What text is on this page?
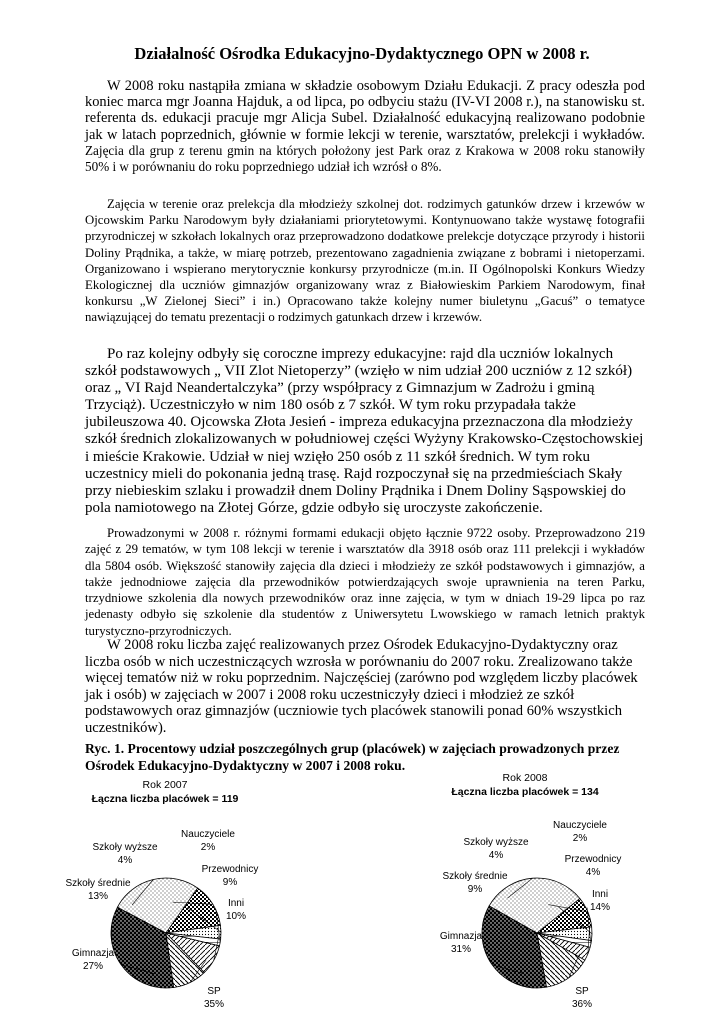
Działalność Ośrodka Edukacyjno-Dydaktycznego OPN w 2008 r.
W 2008 roku nastąpiła zmiana w składzie osobowym Działu Edukacji. Z pracy odeszła pod koniec marca mgr Joanna Hajduk, a od lipca, po odbyciu stażu (IV-VI 2008 r.), na stanowisku st. referenta ds. edukacji pracuje mgr Alicja Subel. Działalność edukacyjną realizowano podobnie jak w latach poprzednich, głównie w formie lekcji w terenie, warsztatów, prelekcji i wykładów. Zajęcia dla grup z terenu gmin na których położony jest Park oraz z Krakowa w 2008 roku stanowiły 50% i w porównaniu do roku poprzedniego udział ich wzrósł o 8%.
Zajęcia w terenie oraz prelekcja dla młodzieży szkolnej dot. rodzimych gatunków drzew i krzewów w Ojcowskim Parku Narodowym były działaniami priorytetowymi. Kontynuowano także wystawę fotografii przyrodniczej w szkołach lokalnych oraz przeprowadzono dodatkowe prelekcje dotyczące przyrody i historii Doliny Prądnika, a także, w miarę potrzeb, prezentowano zagadnienia związane z bobrami i nietoperzami. Organizowano i wspierano merytorycznie konkursy przyrodnicze (m.in. II Ogólnopolski Konkurs Wiedzy Ekologicznej dla uczniów gimnazjów organizowany wraz z Białowieskim Parkiem Narodowym, finał konkursu „W Zielonej Sieci” i in.) Opracowano także kolejny numer biuletynu „Gacuś” o tematyce nawiązującej do tematu prezentacji o rodzimych gatunkach drzew i krzewów.
Po raz kolejny odbyły się coroczne imprezy edukacyjne: rajd dla uczniów lokalnych szkół podstawowych „ VII Zlot Nietoperzy” (wzięło w nim udział 200 uczniów z 12 szkół) oraz „ VI Rajd Neandertalczyka” (przy współpracy z Gimnazjum w Zadrożu i gminą Trzyciąż). Uczestniczyło w nim 180 osób z 7 szkół. W tym roku przypadała także jubileuszowa 40. Ojcowska Złota Jesień - impreza edukacyjna przeznaczona dla młodzieży szkół średnich zlokalizowanych w południowej części Wyżyny Krakowsko-Częstochowskiej i mieście Krakowie. Udział w niej wzięło 250 osób z 11 szkół średnich. W tym roku uczestnicy mieli do pokonania jedną trasę. Rajd rozpoczynał się na przedmieściach Skały przy niebieskim szlaku i prowadził dnem Doliny Prądnika i Dnem Doliny Sąspowskiej do pola namiotowego na Złotej Górze, gdzie odbyło się uroczyste zakończenie.
Prowadzonymi w 2008 r. różnymi formami edukacji objęto łącznie 9722 osoby. Przeprowadzono 219 zajęć z 29 tematów, w tym 108 lekcji w terenie i warsztatów dla 3918 osób oraz 111 prelekcji i wykładów dla 5804 osób. Większość stanowiły zajęcia dla dzieci i młodzieży ze szkół podstawowych i gimnazjów, a także jednodniowe zajęcia dla przewodników potwierdzających swoje uprawnienia na teren Parku, trzydniowe szkolenia dla nowych przewodników oraz inne zajęcia, w tym w dniach 19-29 lipca po raz jedenasty odbyło się szkolenie dla studentów z Uniwersytetu Lwowskiego w ramach letnich praktyk turystyczno-przyrodniczych.
W 2008 roku liczba zajęć realizowanych przez Ośrodek Edukacyjno-Dydaktyczny oraz liczba osób w nich uczestniczących wzrosła w porównaniu do 2007 roku. Zrealizowano także więcej tematów niż w roku poprzednim. Najczęściej (zarówno pod względem liczby placówek jak i osób) w zajęciach w 2007 i 2008 roku uczestniczyły dzieci i młodzież ze szkół podstawowych oraz gimnazjów (uczniowie tych placówek stanowili ponad 60% wszystkich uczestników).
Ryc. 1. Procentowy udział poszczególnych grup (placówek) w zajęciach prowadzonych przez Ośrodek Edukacyjno-Dydaktyczny w 2007 i 2008 roku.
Rok 2007
Łączna liczba placówek = 119
Rok 2008
Łączna liczba placówek = 134
SP
35%
Gimnazja
27%
Szkoły średnie
13%
Szkoły wyższe
4%
Nauczyciele
2%
Przewodnicy
9%
Inni
10%
SP
36%
Gimnazja
31%
Szkoły średnie
9%
Szkoły wyższe
4%
Nauczyciele
2%
Przewodnicy
4%
Inni
14%
